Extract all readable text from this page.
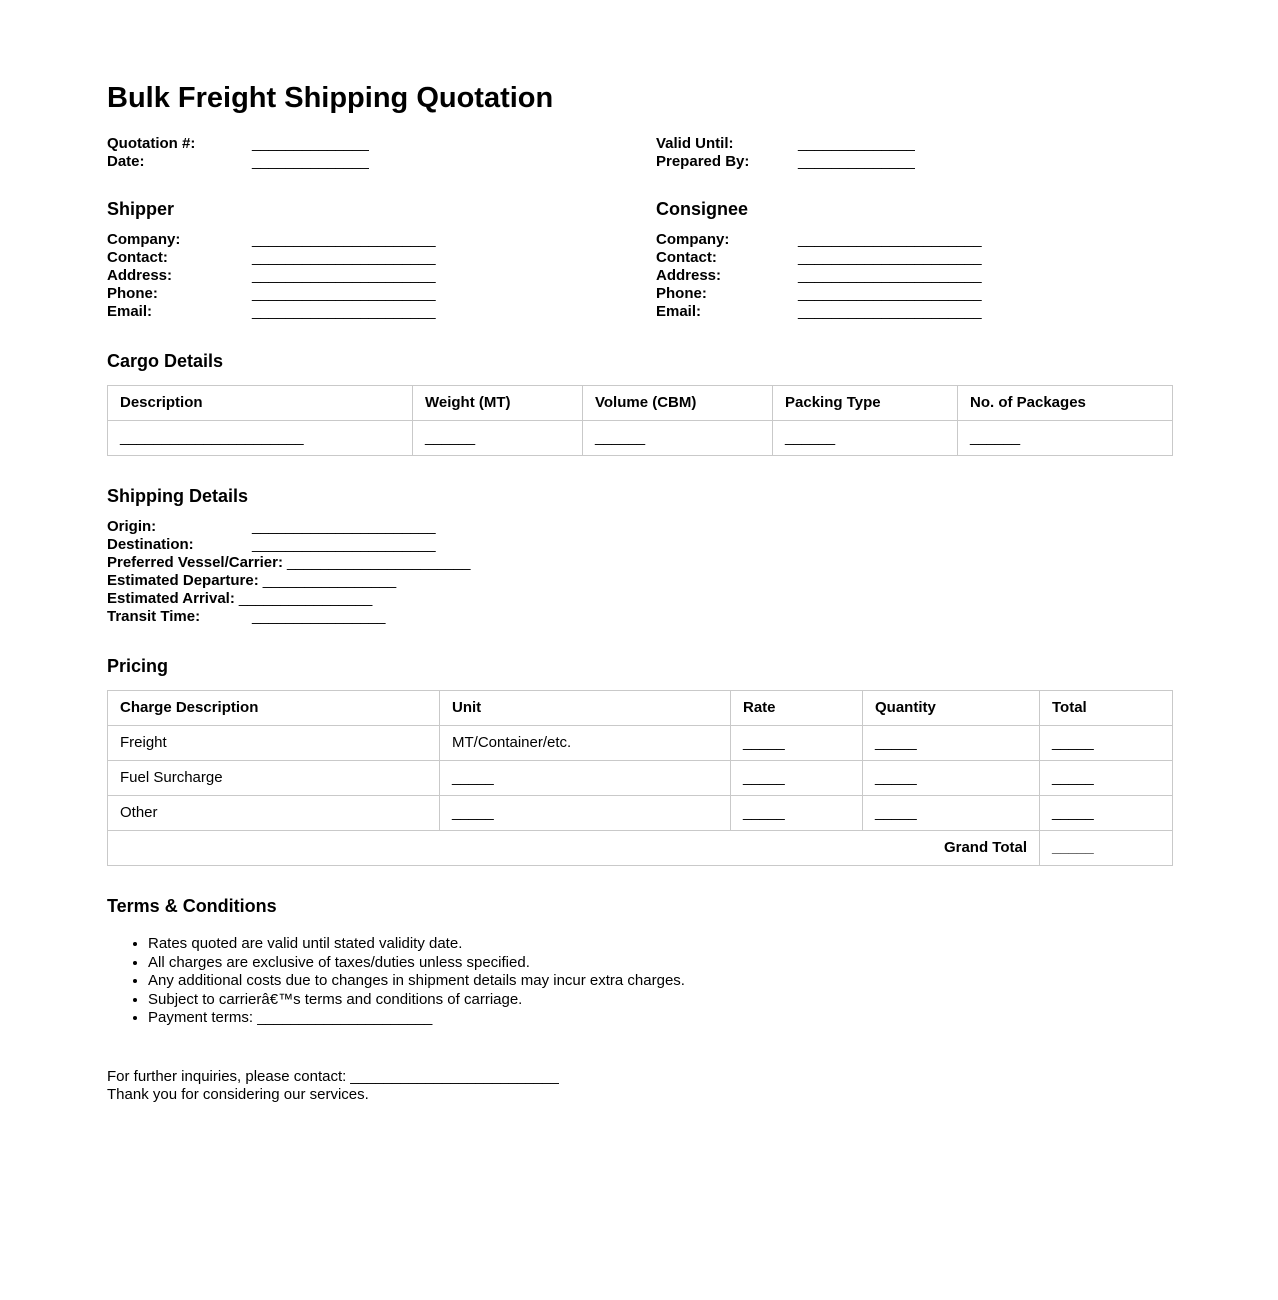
Bulk Freight Shipping Quotation
Quotation #:	______________
Date:	______________
Valid Until:	______________
Prepared By:	______________
Shipper
Company:	______________________
Contact:	______________________
Address:	______________________
Phone:	______________________
Email:	______________________
Consignee
Company:	______________________
Contact:	______________________
Address:	______________________
Phone:	______________________
Email:	______________________
Cargo Details
Description	Weight (MT)	Volume (CBM)	Packing Type	No. of Packages
______________________	______	______	______	______
Shipping Details
Origin:	______________________
Destination:	______________________
Preferred Vessel/Carrier: ______________________
Estimated Departure: ________________
Estimated Arrival: ________________
Transit Time:	________________
Pricing
Charge Description	Unit	Rate	Quantity	Total
Freight	MT/Container/etc.	_____	_____	_____
Fuel Surcharge	_____	_____	_____	_____
Other	_____	_____	_____	_____
Grand Total				_____
Terms & Conditions
• Rates quoted are valid until stated validity date.
• All charges are exclusive of taxes/duties unless specified.
• Any additional costs due to changes in shipment details may incur extra charges.
• Subject to carrierâ€™s terms and conditions of carriage.
• Payment terms: _____________________

For further inquiries, please contact: _________________________

Thank you for considering our services.
